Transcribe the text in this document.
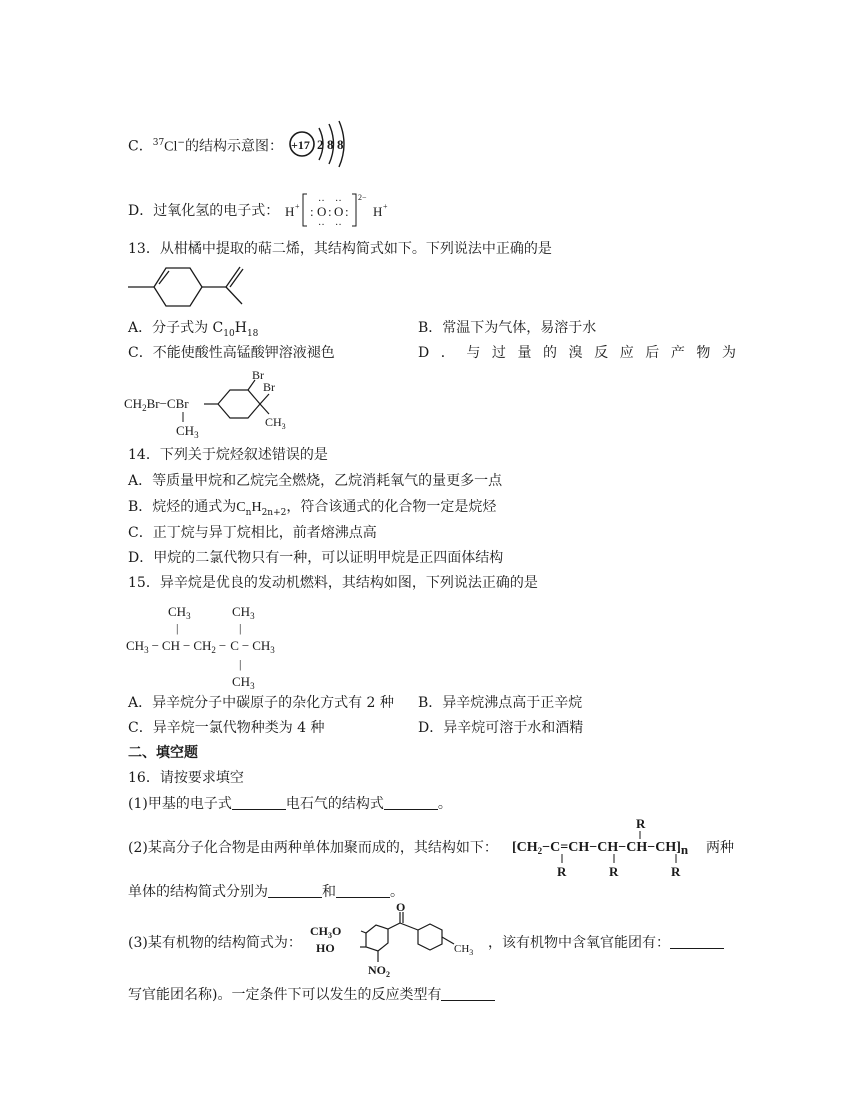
C．$^{37}$Cl−的结构示意图： +17 2 8 8
D．过氧化氢的电子式： H + : O
··
··
: O
··
··
:
2−
H +
13．从柑橘中提取的萜二烯，其结构简式如下。下列说法中正确的是
A．分子式为 $C_{10}H_{18}$	B．常温下为气体，易溶于水
C．不能使酸性高锰酸钾溶液褪色	D ． 与 过 量 的 溴 反 应 后 产 物 为
$CH_2Br-CBr$
$CH_3$
Br
Br
$CH_3$
14．下列关于烷烃叙述错误的是
A．等质量甲烷和乙烷完全燃烧，乙烷消耗氧气的量更多一点
B．烷烃的通式为$C_nH_{2n+2}$，符合该通式的化合物一定是烷烃
C．正丁烷与异丁烷相比，前者熔沸点高
D．甲烷的二氯代物只有一种，可以证明甲烷是正四面体结构
15．异辛烷是优良的发动机燃料，其结构如图，下列说法正确的是
$CH_3$	$CH_3$
|	|
$CH_3$ − CH − $CH_2 - C - CH_3$
|
$CH_3$
A．异辛烷分子中碳原子的杂化方式有 2 种 B．异辛烷沸点高于正辛烷
C．异辛烷一氯代物种类为 4 种	D．异辛烷可溶于水和酒精
二、填空题
16．请按要求填空
(1)甲基的电子式	电石气的结构式	。
(2)某高分子化合物是由两种单体加聚而成的，其结构如下：
R
$[CH_2-C=CH-CH-CH-CH]n$
R	R	R
两种
单体的结构简式分别为	和	。
(3)某有机物的结构简式为：
$CH_3O$
HO
$NO_2$
O
$CH_3$
，该有机物中含氧官能团有：
写官能团名称)。一定条件下可以发生的反应类型有
